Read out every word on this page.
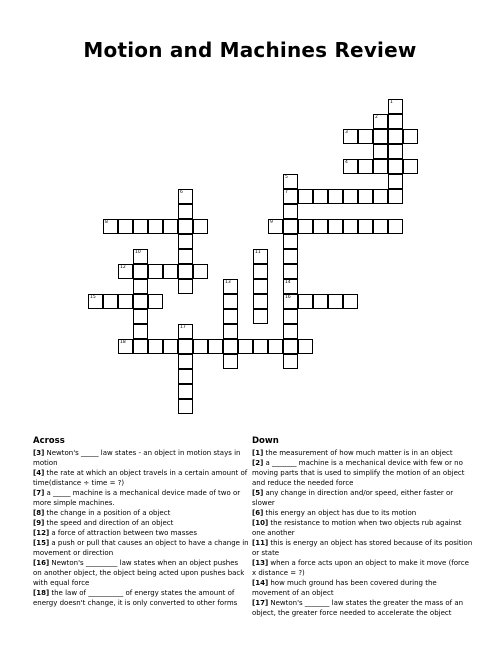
Motion and Machines Review
3
4
7
8	9
12
15	16
18
1
2
5
6
10	11
13	14
17
Across	Down
[3] Newton's _____ law states - an object in motion stays in motion
[4] the rate at which an object travels in a certain amount of time(distance ÷ time = ?)
[7] a _____ machine is a mechanical device made of two or more simple machines.
[8] the change in a position of a object
[9] the speed and direction of an object
[12] a force of attraction between two masses
[15] a push or pull that causes an object to have a change in movement or direction
[16] Newton's _________ law states when an object pushes on another object, the object being acted upon pushes back with equal force
[18] the law of __________ of energy states the amount of energy doesn't change, it is only converted to other forms
[1] the measurement of how much matter is in an object
[2] a _______ machine is a mechanical device with few or no moving parts that is used to simplify the motion of an object and reduce the needed force
[5] any change in direction and/or speed, either faster or slower
[6] this energy an object has due to its motion
[10] the resistance to motion when two objects rub against one another
[11] this is energy an object has stored because of its position or state
[13] when a force acts upon an object to make it move (force x distance = ?)
[14] how much ground has been covered during the movement of an object
[17] Newton's _______ law states the greater the mass of an object, the greater force needed to accelerate the object
